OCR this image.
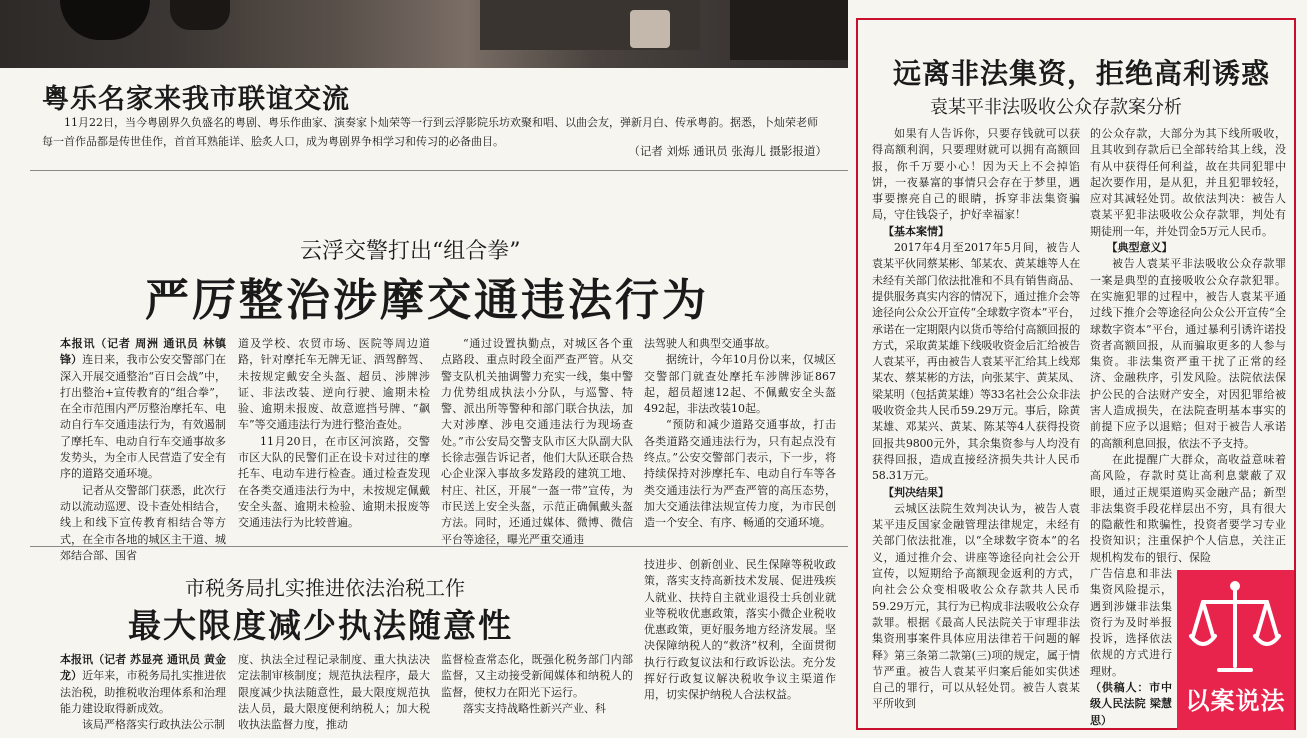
粤乐名家来我市联谊交流

11月22日，当今粤剧界久负盛名的粤剧、粤乐作曲家、演奏家卜灿荣等一行到云浮影院乐坊欢聚和唱、以曲会友，弹新月白、传承粤韵。据悉，卜灿荣老师每一首作品都是传世佳作，首首耳熟能详、脍炙人口，成为粤剧界争相学习和传习的必备曲目。

（记者 刘烁 通讯员 张海儿 摄影报道）
云浮交警打出“组合拳”
严厉整治涉摩交通违法行为

本报讯（记者 周洲 通讯员 林镇锋）连日来，我市公安交警部门在深入开展交通整治“百日会战”中，打出整治+宣传教育的“组合拳”，在全市范围内严厉整治摩托车、电动自行车交通违法行为，有效遏制了摩托车、电动自行车交通事故多发势头，为全市人民营造了安全有序的道路交通环境。

记者从交警部门获悉，此次行动以流动巡逻、设卡查处相结合，线上和线下宣传教育相结合等方式，在全市各地的城区主干道、城郊结合部、国省

道及学校、农贸市场、医院等周边道路，针对摩托车无牌无证、酒驾醉驾、未按规定戴安全头盔、超员、涉牌涉证、非法改装、逆向行驶、逾期未检验、逾期未报废、故意遮挡号牌、“飙车”等交通违法行为进行整治查处。

11月20日，在市区河滨路，交警市区大队的民警们正在设卡对过往的摩托车、电动车进行检查。通过检查发现在各类交通违法行为中，未按规定佩戴安全头盔、逾期未检验、逾期未报废等交通违法行为比较普遍。

“通过设置执勤点，对城区各个重点路段、重点时段全面严查严管。从交警支队机关抽调警力充实一线，集中警力优势组成执法小分队，与巡警、特警、派出所等警种和部门联合执法，加大对涉摩、涉电交通违法行为现场查处。”市公安局交警支队市区大队副大队长徐志强告诉记者，他们大队还联合热心企业深入事故多发路段的建筑工地、村庄、社区，开展“一盔一带”宣传，为市民送上安全头盔，示范正确佩戴头盔方法。同时，还通过媒体、微博、微信平台等途径，曝光严重交通违

法驾驶人和典型交通事故。

据统计，今年10月份以来，仅城区交警部门就查处摩托车涉牌涉证867起，超员超速12起、不佩戴安全头盔492起，非法改装10起。

“预防和减少道路交通事故，打击各类道路交通违法行为，只有起点没有终点。”公安交警部门表示，下一步，将持续保持对涉摩托车、电动自行车等各类交通违法行为严查严管的高压态势，加大交通法律法规宣传力度，为市民创造一个安全、有序、畅通的交通环境。

市税务局扎实推进依法治税工作
最大限度减少执法随意性

本报讯（记者 苏显亮 通讯员 黄金龙）近年来，市税务局扎实推进依法治税，助推税收治理体系和治理能力建设取得新成效。

该局严格落实行政执法公示制

度、执法全过程记录制度、重大执法决定法制审核制度；规范执法程序，最大限度减少执法随意性，最大限度规范执法人员，最大限度便利纳税人；加大税收执法监督力度，推动

监督检查常态化，既强化税务部门内部监督，又主动接受新闻媒体和纳税人的监督，使权力在阳光下运行。

落实支持战略性新兴产业、科

技进步、创新创业、民生保障等税收政策，落实支持高新技术发展、促进残疾人就业、扶持自主就业退役士兵创业就业等税收优惠政策，落实小微企业税收优惠政策，更好服务地方经济发展。坚决保障纳税人的“救济”权利，全面贯彻执行行政复议法和行政诉讼法。充分发挥好行政复议解决税收争议主渠道作用，切实保护纳税人合法权益。

远离非法集资，拒绝高利诱惑
袁某平非法吸收公众存款案分析

如果有人告诉你，只要存钱就可以获得高额利润，只要理财就可以拥有高额回报，你千万要小心！因为天上不会掉馅饼，一夜暴富的事情只会存在于梦里，遇事要擦亮自己的眼睛，拆穿非法集资骗局，守住钱袋子，护好幸福家！

【基本案情】

2017年4月至2017年5月间，被告人袁某平伙同蔡某彬、邹某农、黄某雄等人在未经有关部门依法批准和不具有销售商品、提供服务真实内容的情况下，通过推介会等途径向公众公开宣传“全球数字资本”平台，承诺在一定期限内以货币等给付高额回报的方式，采取黄某雄下线吸收资金后汇给被告人袁某平，再由被告人袁某平汇给其上线郑某农、蔡某彬的方法，向张某宇、黄某凤、梁某明（包括黄某雄）等33名社会公众非法吸收资金共人民币59.29万元。事后，除黄某雄、邓某兴、黄某、陈某等4人获得投资回报共9800元外，其余集资参与人均没有获得回报，造成直接经济损失共计人民币58.31万元。

【判决结果】

云城区法院生效判决认为，被告人袁某平违反国家金融管理法律规定，未经有关部门依法批准，以“全球数字资本”的名义，通过推介会、讲座等途径向社会公开宣传，以短期给予高额现金返利的方式，向社会公众变相吸收公众存款共人民币59.29万元，其行为已构成非法吸收公众存款罪。根据《最高人民法院关于审理非法集资刑事案件具体应用法律若干问题的解释》第三条第二款第(三)项的规定，属于情节严重。被告人袁某平归案后能如实供述自己的罪行，可以从轻处罚。被告人袁某平所收到

的公众存款，大部分为其下线所吸收，且其收到存款后已全部转给其上线，没有从中获得任何利益，故在共同犯罪中起次要作用，是从犯，并且犯罪较轻，应对其减轻处罚。故依法判决：被告人袁某平犯非法吸收公众存款罪，判处有期徒刑一年，并处罚金5万元人民币。

【典型意义】

被告人袁某平非法吸收公众存款罪一案是典型的直接吸收公众存款犯罪。在实施犯罪的过程中，被告人袁某平通过线下推介会等途径向公众公开宣传“全球数字资本”平台，通过暴利引诱许诺投资者高额回报，从而骗取更多的人参与集资。非法集资严重干扰了正常的经济、金融秩序，引发风险。法院依法保护公民的合法财产安全，对因犯罪给被害人造成损失，在法院查明基本事实的前提下应予以退赔；但对于被告人承诺的高额利息回报，依法不予支持。

在此提醒广大群众，高收益意味着高风险，存款时莫让高利息蒙蔽了双眼，通过正规渠道购买金融产品；新型非法集资手段花样层出不穷，具有很大的隐蔽性和欺骗性，投资者要学习专业投资知识；注重保护个人信息，关注正规机构发布的银行、保险

广告信息和非法集资风险提示，遇到涉嫌非法集资行为及时举报投诉，选择依法依规的方式进行理财。

（供稿人：市中级人民法院 梁慧思）

以案说法
